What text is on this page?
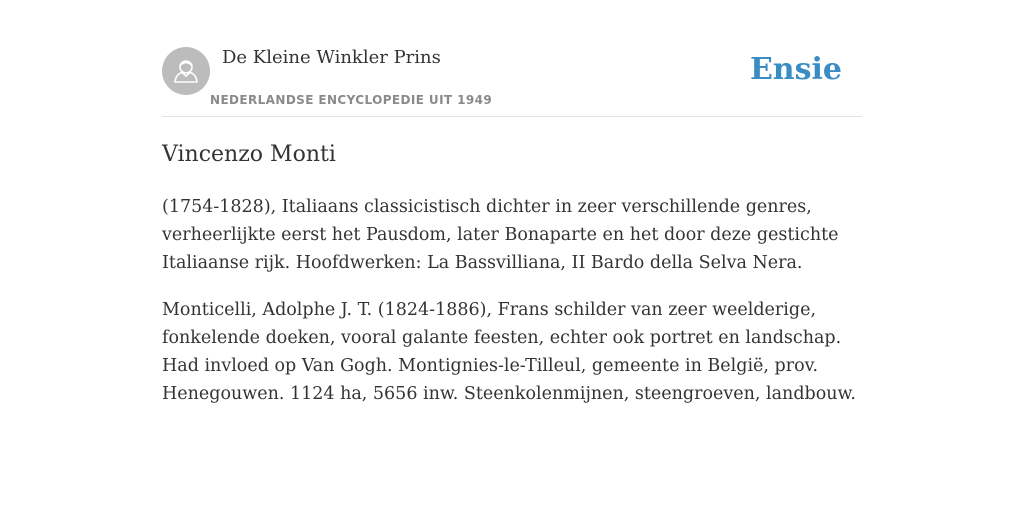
De Kleine Winkler Prins
NEDERLANDSE ENCYCLOPEDIE UIT 1949
Ensie
Vincenzo Monti

(1754-1828), Italiaans classicistisch dichter in zeer verschillende genres, verheerlijkte eerst het Pausdom, later Bonaparte en het door deze gestichte Italiaanse rijk. Hoofdwerken: La Bassvilliana, II Bardo della Selva Nera.

Monticelli, Adolphe J. T. (1824-1886), Frans schilder van zeer weelderige, fonkelende doeken, vooral galante feesten, echter ook portret en landschap. Had invloed op Van Gogh. Montignies-le-Tilleul, gemeente in België, prov. Henegouwen. 1124 ha, 5656 inw. Steenkolenmijnen, steengroeven, landbouw.
